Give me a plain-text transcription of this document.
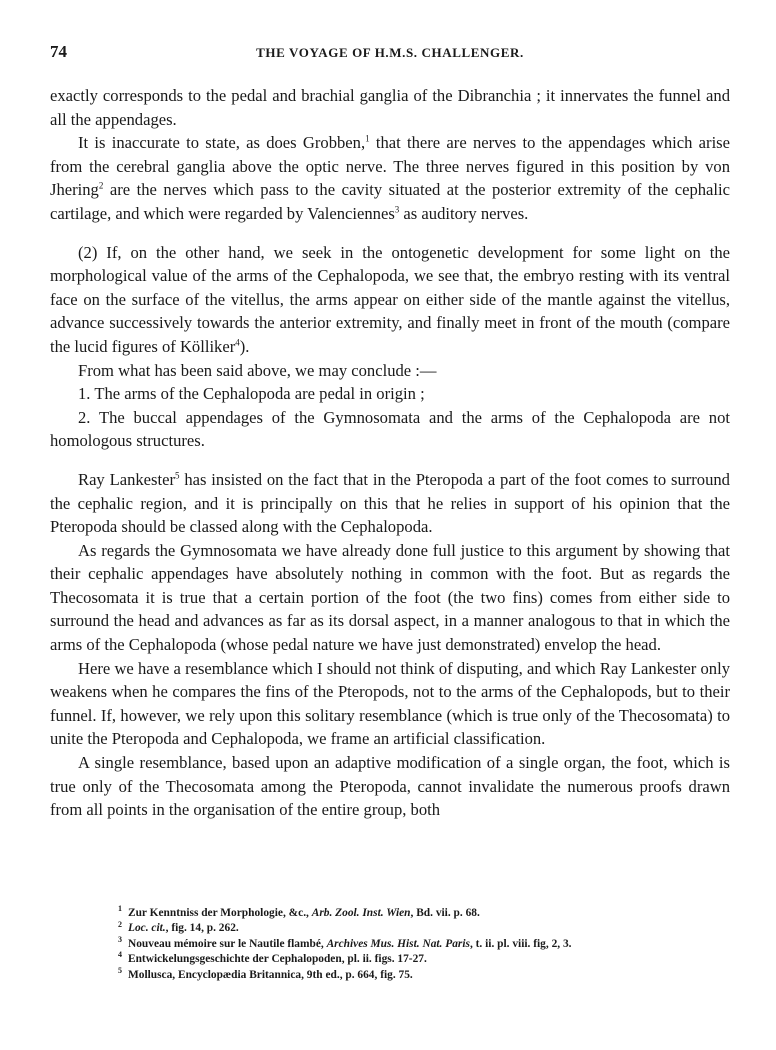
74	THE VOYAGE OF H.M.S. CHALLENGER.

exactly corresponds to the pedal and brachial ganglia of the Dibranchia ; it innervates the funnel and all the appendages.

It is inaccurate to state, as does Grobben,$^1$ that there are nerves to the appendages which arise from the cerebral ganglia above the optic nerve. The three nerves figured in this position by von Jhering$^2$ are the nerves which pass to the cavity situated at the posterior extremity of the cephalic cartilage, and which were regarded by Valenciennes$^3$ as auditory nerves.

(2) If, on the other hand, we seek in the ontogenetic development for some light on the morphological value of the arms of the Cephalopoda, we see that, the embryo resting with its ventral face on the surface of the vitellus, the arms appear on either side of the mantle against the vitellus, advance successively towards the anterior extremity, and finally meet in front of the mouth (compare the lucid figures of Kölliker$^4$).

From what has been said above, we may conclude :—

1. The arms of the Cephalopoda are pedal in origin ;

2. The buccal appendages of the Gymnosomata and the arms of the Cephalopoda are not homologous structures.

Ray Lankester$^5$ has insisted on the fact that in the Pteropoda a part of the foot comes to surround the cephalic region, and it is principally on this that he relies in support of his opinion that the Pteropoda should be classed along with the Cephalopoda.

As regards the Gymnosomata we have already done full justice to this argument by showing that their cephalic appendages have absolutely nothing in common with the foot. But as regards the Thecosomata it is true that a certain portion of the foot (the two fins) comes from either side to surround the head and advances as far as its dorsal aspect, in a manner analogous to that in which the arms of the Cephalopoda (whose pedal nature we have just demonstrated) envelop the head.

Here we have a resemblance which I should not think of disputing, and which Ray Lankester only weakens when he compares the fins of the Pteropods, not to the arms of the Cephalopods, but to their funnel. If, however, we rely upon this solitary resemblance (which is true only of the Thecosomata) to unite the Pteropoda and Cephalopoda, we frame an artificial classification.

A single resemblance, based upon an adaptive modification of a single organ, the foot, which is true only of the Thecosomata among the Pteropoda, cannot invalidate the numerous proofs drawn from all points in the organisation of the entire group, both

1 Zur Kenntniss der Morphologie, &c., Arb. Zool. Inst. Wien, Bd. vii. p. 68.

2 Loc. cit., fig. 14, p. 262.

3 Nouveau mémoire sur le Nautile flambé, Archives Mus. Hist. Nat. Paris, t. ii. pl. viii. fig, 2, 3.

4 Entwickelungsgeschichte der Cephalopoden, pl. ii. figs. 17-27.

5 Mollusca, Encyclopædia Britannica, 9th ed., p. 664, fig. 75.
